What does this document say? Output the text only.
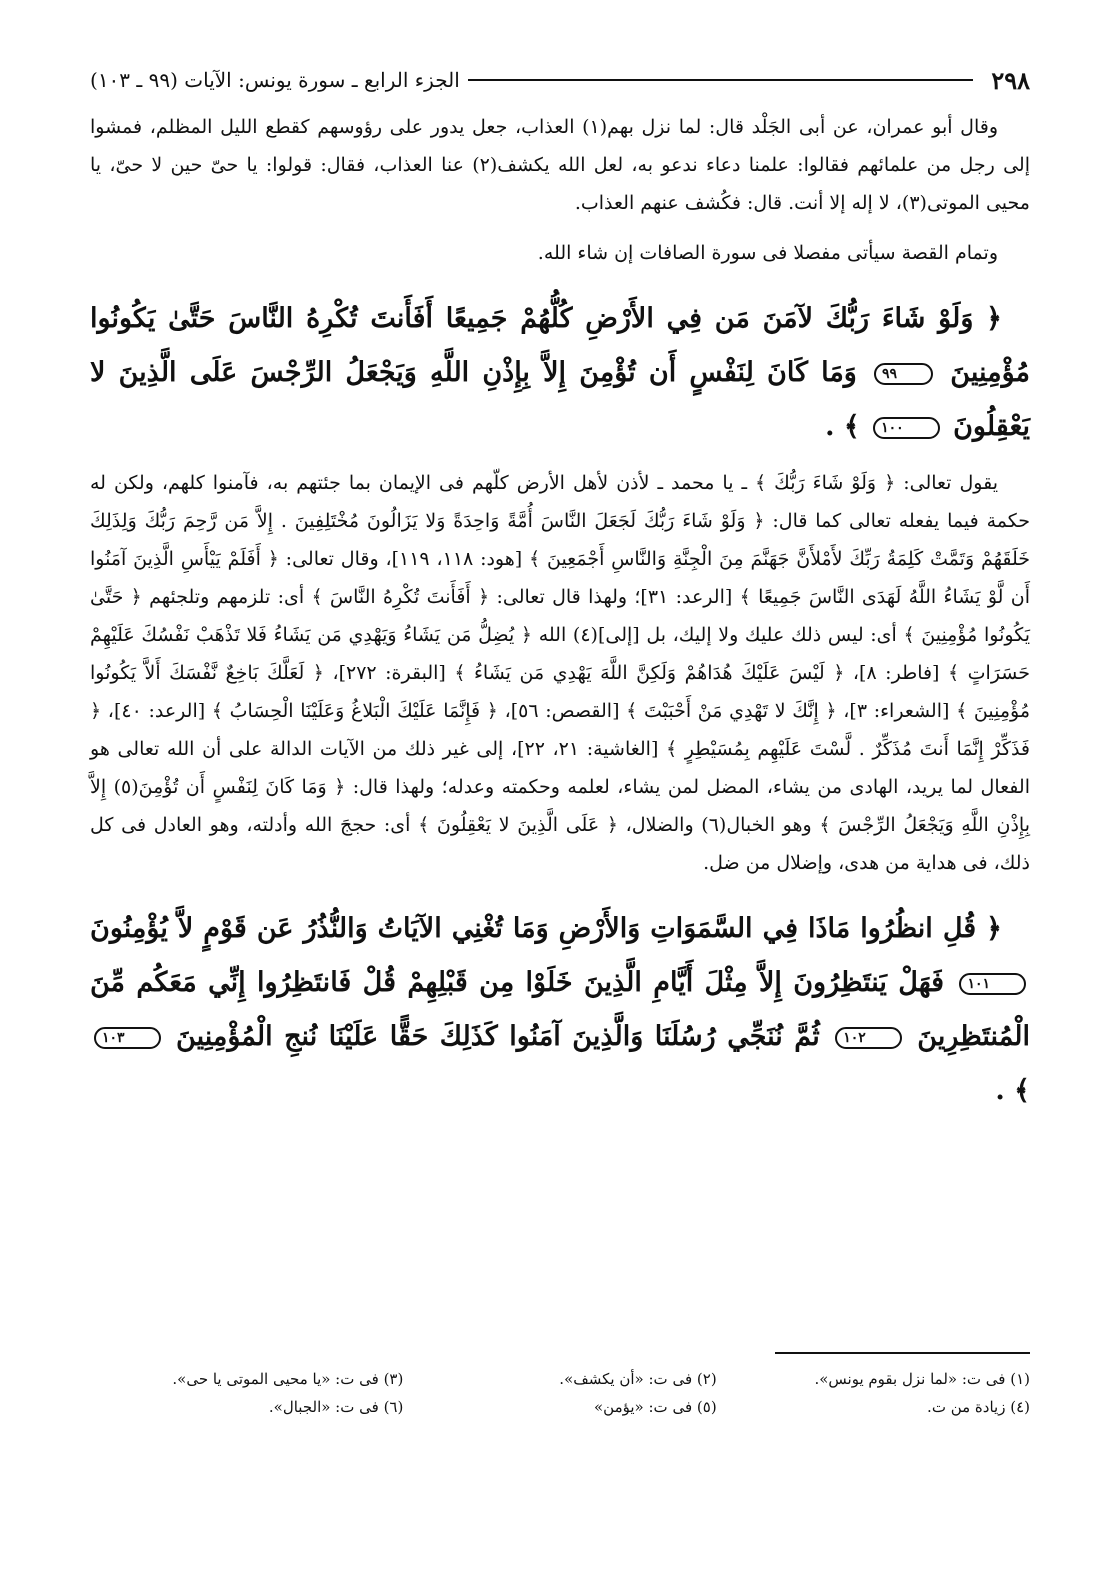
٢٩٨
الجزء الرابع ـ سورة يونس: الآيات (٩٩ ـ ١٠٣)

وقال أبو عمران، عن أبى الجَلْد قال: لما نزل بهم(١) العذاب، جعل يدور على رؤوسهم كقطع الليل المظلم، فمشوا إلى رجل من علمائهم فقالوا: علمنا دعاء ندعو به، لعل الله يكشف(٢) عنا العذاب، فقال: قولوا: يا حىّ حين لا حىّ، يا محيى الموتى(٣)، لا إله إلا أنت. قال: فكُشف عنهم العذاب.

وتمام القصة سيأتى مفصلا فى سورة الصافات إن شاء الله.

﴿ وَلَوْ شَاءَ رَبُّكَ لآمَنَ مَن فِي الأَرْضِ كُلُّهُمْ جَمِيعًا أَفَأَنتَ تُكْرِهُ النَّاسَ حَتَّىٰ يَكُونُوا مُؤْمِنِينَ ٩٩ وَمَا كَانَ لِنَفْسٍ أَن تُؤْمِنَ إِلاَّ بِإِذْنِ اللَّهِ وَيَجْعَلُ الرِّجْسَ عَلَى الَّذِينَ لا يَعْقِلُونَ ١٠٠ ﴾ .

يقول تعالى: ﴿ وَلَوْ شَاءَ رَبُّكَ ﴾ ـ يا محمد ـ لأذن لأهل الأرض كلّهم فى الإيمان بما جئتهم به، فآمنوا كلهم، ولكن له حكمة فيما يفعله تعالى كما قال: ﴿ وَلَوْ شَاءَ رَبُّكَ لَجَعَلَ النَّاسَ أُمَّةً وَاحِدَةً وَلا يَزَالُونَ مُخْتَلِفِينَ . إِلاَّ مَن رَّحِمَ رَبُّكَ وَلِذَلِكَ خَلَقَهُمْ وَتَمَّتْ كَلِمَةُ رَبِّكَ لأَمْلأَنَّ جَهَنَّمَ مِنَ الْجِنَّةِ وَالنَّاسِ أَجْمَعِينَ ﴾ [هود: ١١٨، ١١٩]، وقال تعالى: ﴿ أَفَلَمْ يَيْأَسِ الَّذِينَ آمَنُوا أَن لَّوْ يَشَاءُ اللَّهُ لَهَدَى النَّاسَ جَمِيعًا ﴾ [الرعد: ٣١]؛ ولهذا قال تعالى: ﴿ أَفَأَنتَ تُكْرِهُ النَّاسَ ﴾ أى: تلزمهم وتلجئهم ﴿ حَتَّىٰ يَكُونُوا مُؤْمِنِينَ ﴾ أى: ليس ذلك عليك ولا إليك، بل [إلى](٤) الله ﴿ يُضِلُّ مَن يَشَاءُ وَيَهْدِي مَن يَشَاءُ فَلا تَذْهَبْ نَفْسُكَ عَلَيْهِمْ حَسَرَاتٍ ﴾ [فاطر: ٨]، ﴿ لَيْسَ عَلَيْكَ هُدَاهُمْ وَلَكِنَّ اللَّهَ يَهْدِي مَن يَشَاءُ ﴾ [البقرة: ٢٧٢]، ﴿ لَعَلَّكَ بَاخِعٌ نَّفْسَكَ أَلاَّ يَكُونُوا مُؤْمِنِينَ ﴾ [الشعراء: ٣]، ﴿ إِنَّكَ لا تَهْدِي مَنْ أَحْبَبْتَ ﴾ [القصص: ٥٦]، ﴿ فَإِنَّمَا عَلَيْكَ الْبَلاغُ وَعَلَيْنَا الْحِسَابُ ﴾ [الرعد: ٤٠]، ﴿ فَذَكِّرْ إِنَّمَا أَنتَ مُذَكِّرٌ . لَّسْتَ عَلَيْهِم بِمُسَيْطِرٍ ﴾ [الغاشية: ٢١، ٢٢]، إلى غير ذلك من الآيات الدالة على أن الله تعالى هو الفعال لما يريد، الهادى من يشاء، المضل لمن يشاء، لعلمه وحكمته وعدله؛ ولهذا قال: ﴿ وَمَا كَانَ لِنَفْسٍ أَن تُؤْمِنَ(٥) إِلاَّ بِإِذْنِ اللَّهِ وَيَجْعَلُ الرِّجْسَ ﴾ وهو الخبال(٦) والضلال، ﴿ عَلَى الَّذِينَ لا يَعْقِلُونَ ﴾ أى: حججَ الله وأدلته، وهو العادل فى كل ذلك، فى هداية من هدى، وإضلال من ضل.

﴿ قُلِ انظُرُوا مَاذَا فِي السَّمَوَاتِ وَالأَرْضِ وَمَا تُغْنِي الآيَاتُ وَالنُّذُرُ عَن قَوْمٍ لاَّ يُؤْمِنُونَ ١٠١ فَهَلْ يَنتَظِرُونَ إِلاَّ مِثْلَ أَيَّامِ الَّذِينَ خَلَوْا مِن قَبْلِهِمْ قُلْ فَانتَظِرُوا إِنِّي مَعَكُم مِّنَ الْمُنتَظِرِينَ ١٠٢ ثُمَّ نُنَجِّي رُسُلَنَا وَالَّذِينَ آمَنُوا كَذَلِكَ حَقًّا عَلَيْنَا نُنجِ الْمُؤْمِنِينَ ١٠٣ ﴾ .
(١) فى ت: «لما نزل بقوم يونس».
(٢) فى ت: «أن يكشف».
(٣) فى ت: «يا محيى الموتى يا حى».
(٤) زيادة من ت.
(٥) فى ت: «يؤمن»
(٦) فى ت: «الجبال».
